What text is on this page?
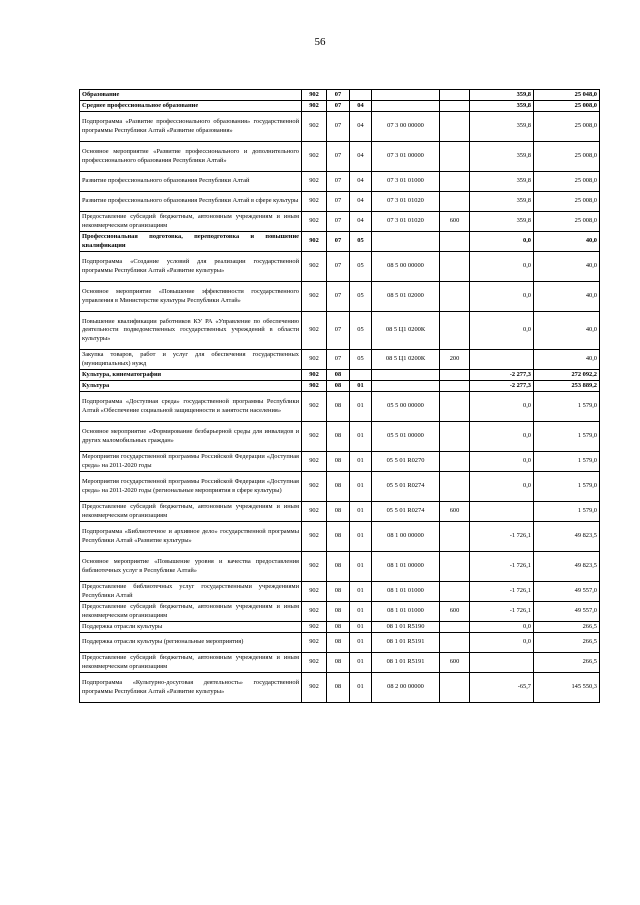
56
Образование	902	07				359,8	25 048,0
Среднее профессиональное образование	902	07	04			359,8	25 008,0
Подпрограмма «Развитие профессионального образования» государственной программы Республики Алтай «Развитие образования»	902	07	04	07 3 00 00000		359,8	25 008,0
Основное мероприятие «Развитие профессионального и дополнительного профессионального образования Республики Алтай»	902	07	04	07 3 01 00000		359,8	25 008,0
Развитие профессионального образования Республики Алтай	902	07	04	07 3 01 01000		359,8	25 008,0
Развитие профессионального образования Республики Алтай в сфере культуры	902	07	04	07 3 01 01020		359,8	25 008,0
Предоставление субсидий бюджетным, автономным учреждениям и иным некоммерческим организациям	902	07	04	07 3 01 01020	600	359,8	25 008,0
Профессиональная подготовка, переподготовка и повышение квалификации	902	07	05			0,0	40,0
Подпрограмма «Создание условий для реализации государственной программы Республики Алтай «Развитие культуры»	902	07	05	08 5 00 00000		0,0	40,0
Основное мероприятие «Повышение эффективности государственного управления в Министерстве культуры Республики Алтай»	902	07	05	08 5 01 02000		0,0	40,0
Повышение квалификации работников КУ РА «Управление по обеспечению деятельности подведомственных государственных учреждений в области культуры»	902	07	05	08 5 Ц1 0200К		0,0	40,0
Закупка товаров, работ и услуг для обеспечения государственных (муниципальных) нужд	902	07	05	08 5 Ц1 0200К	200		40,0
Культура, кинематография	902	08				-2 277,3	272 092,2
Культура	902	08	01			-2 277,3	253 889,2
Подпрограмма «Доступная среда» государственной программы Республики Алтай «Обеспечение социальной защищенности и занятости населения»	902	08	01	05 5 00 00000		0,0	1 579,0
Основное мероприятие «Формирование безбарьерной среды для инвалидов и других маломобильных граждан»	902	08	01	05 5 01 00000		0,0	1 579,0
Мероприятия государственной программы Российской Федерации «Доступная среда» на 2011-2020 годы	902	08	01	05 5 01 R0270		0,0	1 579,0
Мероприятия государственной программы Российской Федерации «Доступная среда» на 2011-2020 годы (региональные мероприятия в сфере культуры)	902	08	01	05 5 01 R0274		0,0	1 579,0
Предоставление субсидий бюджетным, автономным учреждениям и иным некоммерческим организациям	902	08	01	05 5 01 R0274	600		1 579,0
Подпрограмма «Библиотечное и архивное дело» государственной программы Республики Алтай «Развитие культуры»	902	08	01	08 1 00 00000		-1 726,1	49 823,5
Основное мероприятие «Повышение уровня и качества предоставления библиотечных услуг в Республике Алтай»	902	08	01	08 1 01 00000		-1 726,1	49 823,5
Предоставление библиотечных услуг государственными учреждениями Республики Алтай	902	08	01	08 1 01 01000		-1 726,1	49 557,0
Предоставление субсидий бюджетным, автономным учреждениям и иным некоммерческим организациям	902	08	01	08 1 01 01000	600	-1 726,1	49 557,0
Поддержка отрасли культуры	902	08	01	08 1 01 R5190		0,0	266,5
Поддержка отрасли культуры (региональные мероприятия)	902	08	01	08 1 01 R5191		0,0	266,5
Предоставление субсидий бюджетным, автономным учреждениям и иным некоммерческим организациям	902	08	01	08 1 01 R5191	600		266,5
Подпрограмма «Культурно-досуговая деятельность» государственной программы Республики Алтай «Развитие культуры»	902	08	01	08 2 00 00000		-65,7	145 550,3
